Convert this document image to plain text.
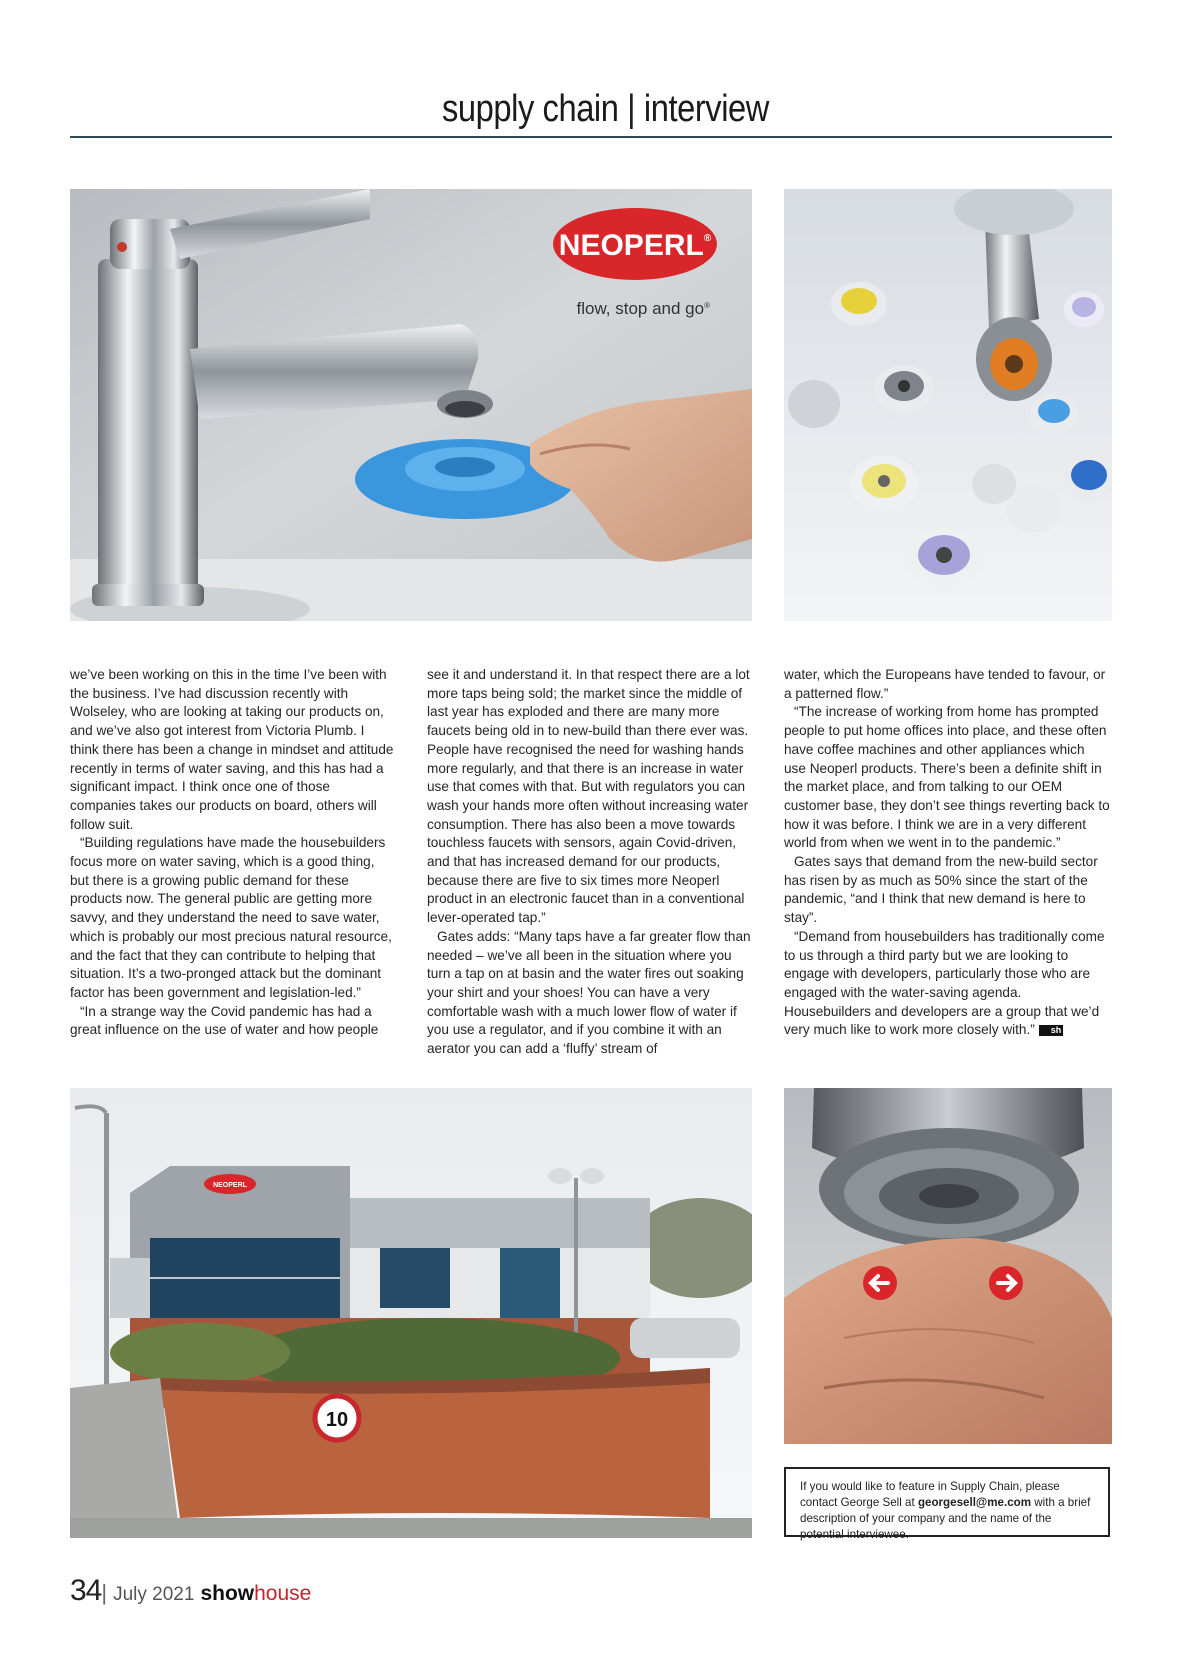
supply chain | interview
NEOPERL®
flow, stop and go®

we’ve been working on this in the time I’ve been with the business. I’ve had discussion recently with Wolseley, who are looking at taking our products on, and we’ve also got interest from Victoria Plumb. I think there has been a change in mindset and attitude recently in terms of water saving, and this has had a significant impact. I think once one of those companies takes our products on board, others will follow suit.

“Building regulations have made the housebuilders focus more on water saving, which is a good thing, but there is a growing public demand for these products now. The general public are getting more savvy, and they understand the need to save water, which is probably our most precious natural resource, and the fact that they can contribute to helping that situation. It’s a two-pronged attack but the dominant factor has been government and legislation-led.”

“In a strange way the Covid pandemic has had a great influence on the use of water and how people

see it and understand it. In that respect there are a lot more taps being sold; the market since the middle of last year has exploded and there are many more faucets being old in to new-build than there ever was. People have recognised the need for washing hands more regularly, and that there is an increase in water use that comes with that. But with regulators you can wash your hands more often without increasing water consumption. There has also been a move towards touchless faucets with sensors, again Covid-driven, and that has increased demand for our products, because there are five to six times more Neoperl product in an electronic faucet than in a conventional lever-operated tap.”

Gates adds: “Many taps have a far greater flow than needed – we’ve all been in the situation where you turn a tap on at basin and the water fires out soaking your shirt and your shoes! You can have a very comfortable wash with a much lower flow of water if you use a regulator, and if you combine it with an aerator you can add a ‘fluffy’ stream of

water, which the Europeans have tended to favour, or a patterned flow.”

“The increase of working from home has prompted people to put home offices into place, and these often have coffee machines and other appliances which use Neoperl products. There’s been a definite shift in the market place, and from talking to our OEM customer base, they don’t see things reverting back to how it was before. I think we are in a very different world from when we went in to the pandemic.”

Gates says that demand from the new-build sector has risen by as much as 50% since the start of the pandemic, “and I think that new demand is here to stay”.

“Demand from housebuilders has traditionally come to us through a third party but we are looking to engage with developers, particularly those who are engaged with the water-saving agenda. Housebuilders and developers are a group that we’d very much like to work more closely with.” sh

NEOPERL
10
If you would like to feature in Supply Chain, please contact George Sell at georgesell@me.com with a brief description of your company and the name of the potential interviewee.
34| July 2021 showhouse
